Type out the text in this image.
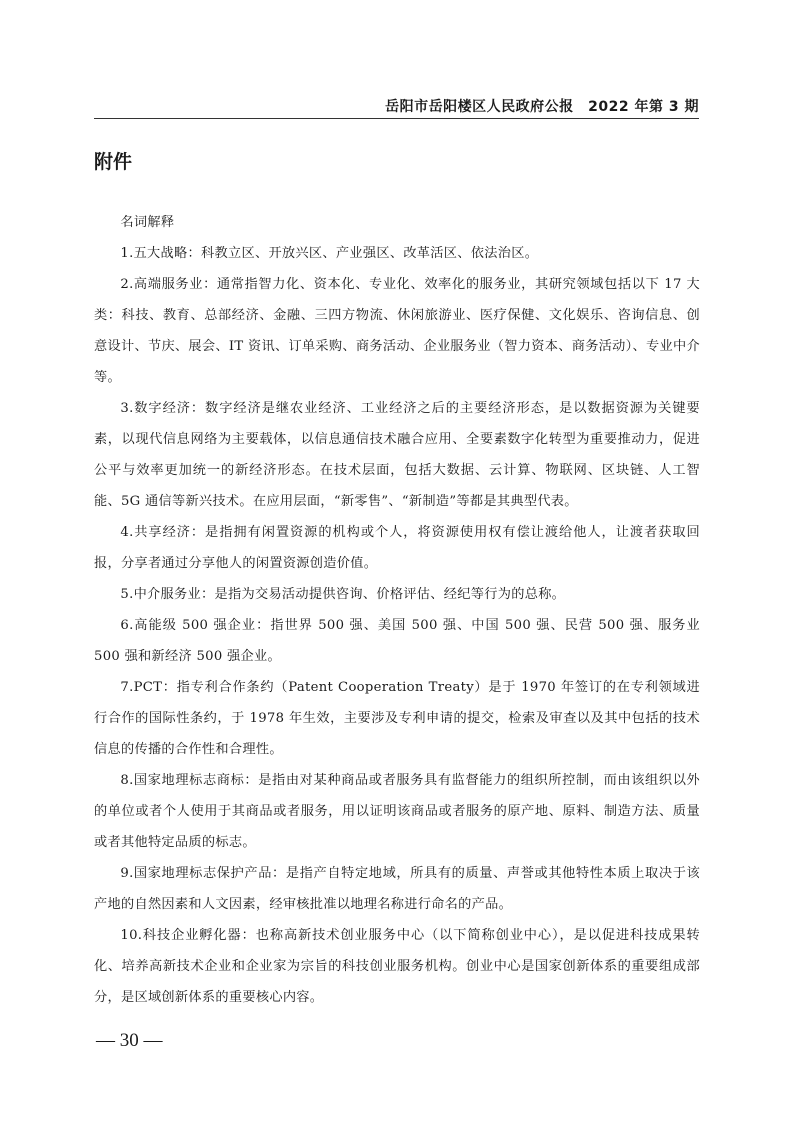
岳阳市岳阳楼区人民政府公报　2022 年第 3 期
附件

名词解释

1.五大战略：科教立区、开放兴区、产业强区、改革活区、依法治区。

2.高端服务业：通常指智力化、资本化、专业化、效率化的服务业，其研究领域包括以下 17 大类：科技、教育、总部经济、金融、三四方物流、休闲旅游业、医疗保健、文化娱乐、咨询信息、创意设计、节庆、展会、IT 资讯、订单采购、商务活动、企业服务业（智力资本、商务活动）、专业中介等。

3.数字经济：数字经济是继农业经济、工业经济之后的主要经济形态，是以数据资源为关键要素，以现代信息网络为主要载体，以信息通信技术融合应用、全要素数字化转型为重要推动力，促进公平与效率更加统一的新经济形态。在技术层面，包括大数据、云计算、物联网、区块链、人工智能、5G 通信等新兴技术。在应用层面，“新零售”、“新制造”等都是其典型代表。

4.共享经济：是指拥有闲置资源的机构或个人，将资源使用权有偿让渡给他人，让渡者获取回报，分享者通过分享他人的闲置资源创造价值。

5.中介服务业：是指为交易活动提供咨询、价格评估、经纪等行为的总称。

6.高能级 500 强企业：指世界 500 强、美国 500 强、中国 500 强、民营 500 强、服务业 500 强和新经济 500 强企业。

7.PCT：指专利合作条约（Patent Cooperation Treaty）是于 1970 年签订的在专利领域进行合作的国际性条约，于 1978 年生效，主要涉及专利申请的提交，检索及审查以及其中包括的技术信息的传播的合作性和合理性。

8.国家地理标志商标：是指由对某种商品或者服务具有监督能力的组织所控制，而由该组织以外的单位或者个人使用于其商品或者服务，用以证明该商品或者服务的原产地、原料、制造方法、质量或者其他特定品质的标志。

9.国家地理标志保护产品：是指产自特定地域，所具有的质量、声誉或其他特性本质上取决于该产地的自然因素和人文因素，经审核批准以地理名称进行命名的产品。

10.科技企业孵化器：也称高新技术创业服务中心（以下简称创业中心），是以促进科技成果转化、培养高新技术企业和企业家为宗旨的科技创业服务机构。创业中心是国家创新体系的重要组成部分，是区域创新体系的重要核心内容。

— 30 —
